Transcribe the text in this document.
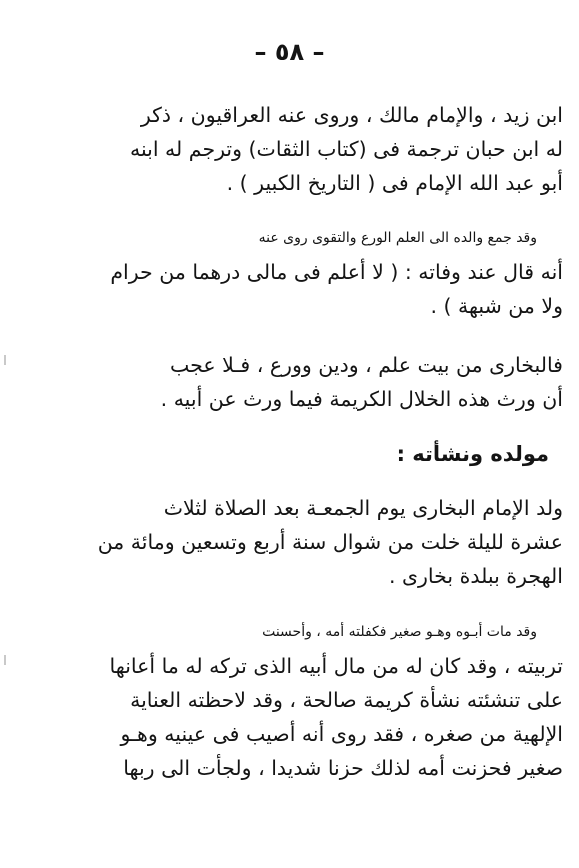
– ٥٨ –
ابن زيد ، والإمام مالك ، وروى عنه العراقيون ، ذكر
له ابن حبان ترجمة فى (كتاب الثقات) وترجم له ابنه
أبو عبد الله الإمام فى ( التاريخ الكبير ) .
وقد جمع والده الى العلم الورع والتقوى روى عنه
أنه قال عند وفاته : ( لا أعلم فى مالى درهما من حرام
ولا من شبهة ) .
فالبخارى من بيت علم ، ودين وورع ، فـلا عجب
أن ورث هذه الخلال الكريمة فيما ورث عن أبيه .
مولده ونشأته :
ولد الإمام البخارى يوم الجمعـة بعد الصلاة لثلاث
عشرة لليلة خلت من شوال سنة أربع وتسعين ومائة من
الهجرة ببلدة بخارى .
وقد مات أبـوه وهـو صغير فكفلته أمه ، وأحسنت
تربيته ، وقد كان له من مال أبيه الذى تركه له ما أعانها
على تنشئته نشأة كريمة صالحة ، وقد لاحظته العناية
الإلهية من صغره ، فقد روى أنه أصيب فى عينيه وهـو
صغير فحزنت أمه لذلك حزنا شديدا ، ولجأت الى ربها
